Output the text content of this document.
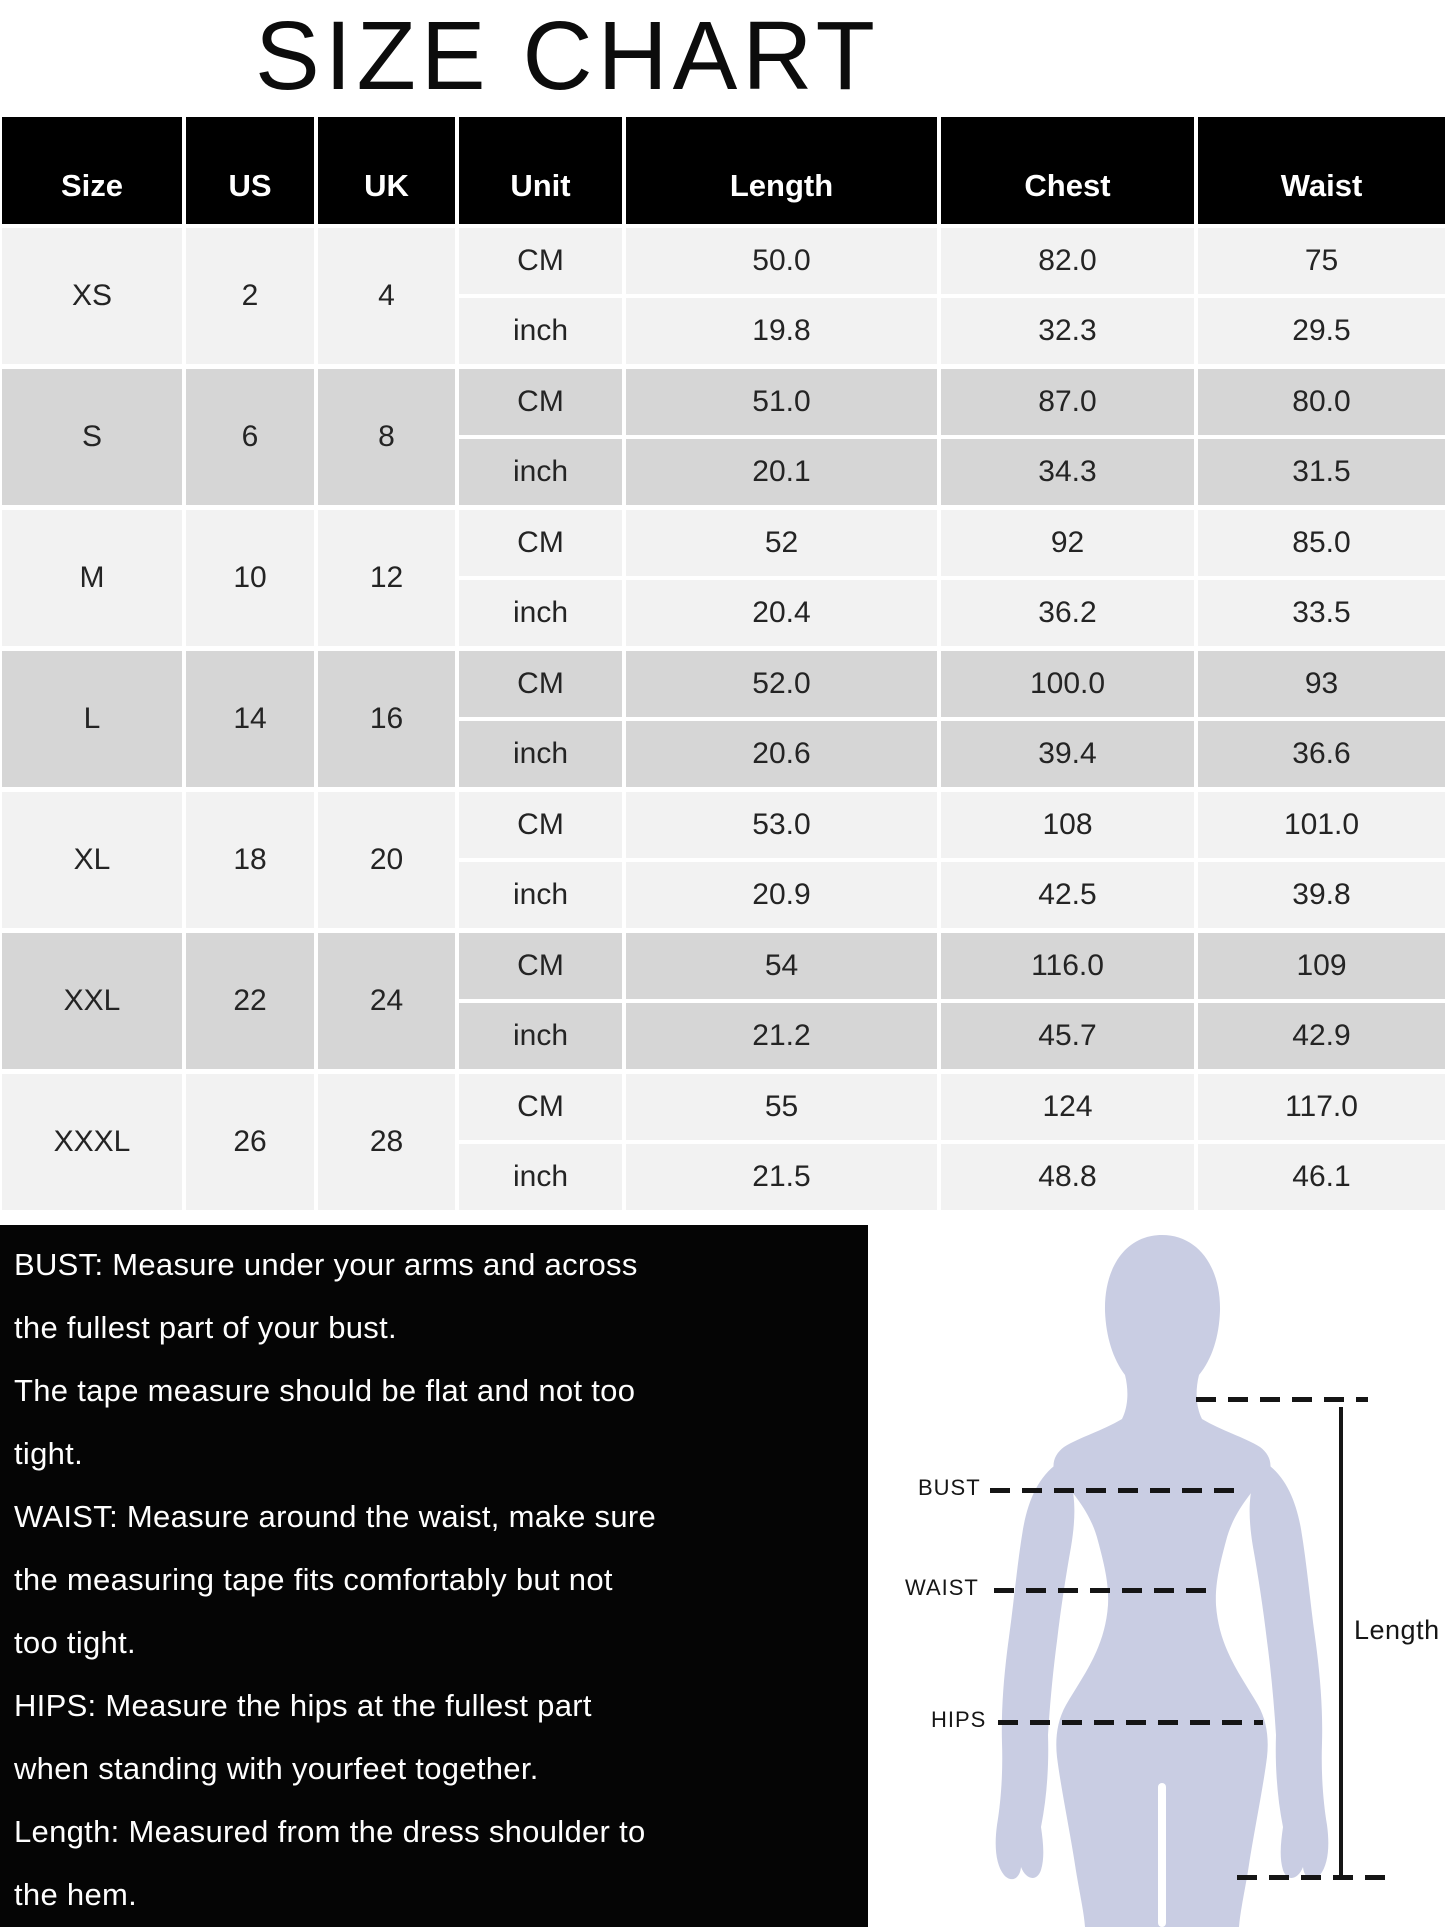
SIZE CHART
Size	US	UK	Unit	Length	Chest	Waist
XS	2	4
CM	50.0	82.0	75
inch	19.8	32.3	29.5
S	6	8
CM	51.0	87.0	80.0
inch	20.1	34.3	31.5
M	10	12
CM	52	92	85.0
inch	20.4	36.2	33.5
L	14	16
CM	52.0	100.0	93
inch	20.6	39.4	36.6
XL	18	20
CM	53.0	108	101.0
inch	20.9	42.5	39.8
XXL	22	24
CM	54	116.0	109
inch	21.2	45.7	42.9
XXXL	26	28
CM	55	124	117.0
inch	21.5	48.8	46.1
BUST: Measure under your arms and across
the fullest part of your bust.
The tape measure should be flat and not too
tight.
WAIST: Measure around the waist, make sure
the measuring tape fits comfortably but not
too tight.
HIPS: Measure the hips at the fullest part
when standing with yourfeet together.
Length: Measured from the dress shoulder to
the hem.
BUST
WAIST
HIPS
Length
